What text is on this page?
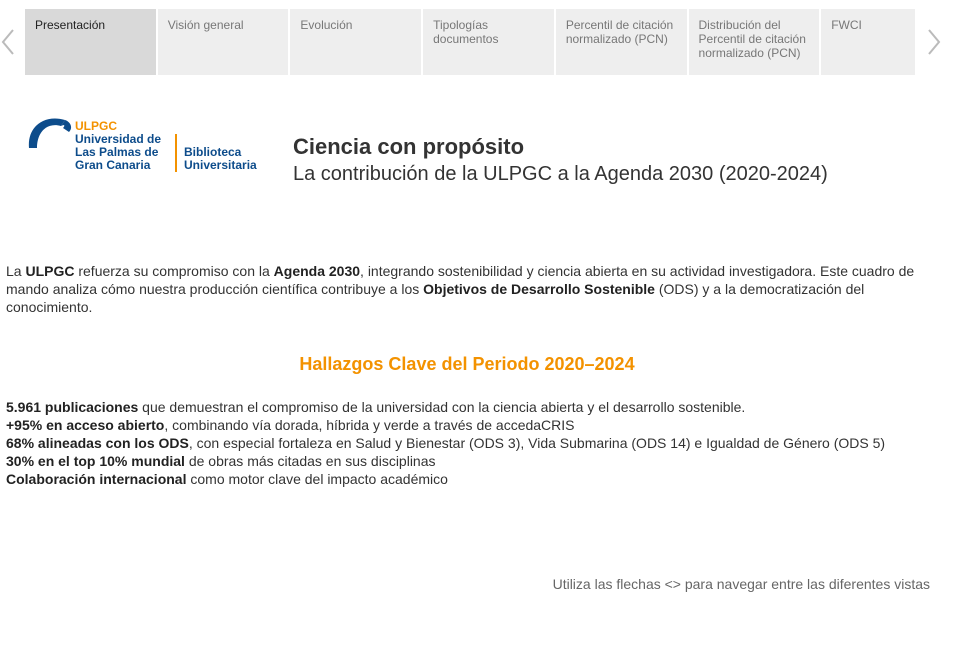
Presentación	Visión general	Evolución	Tipologías documentos
Percentil de citación normalizado (PCN)
Distribución del Percentil de citación normalizado (PCN)
FWCI
ULPGC
Universidad de
Las Palmas de
Gran Canaria
Biblioteca
Universitaria
Ciencia con propósito
La contribución de la ULPGC a la Agenda 2030 (2020-2024)
La ULPGC refuerza su compromiso con la Agenda 2030, integrando sostenibilidad y ciencia abierta en su actividad investigadora. Este cuadro de mando analiza cómo nuestra producción científica contribuye a los Objetivos de Desarrollo Sostenible (ODS) y a la democratización del conocimiento.
Hallazgos Clave del Periodo 2020–2024

5.961 publicaciones que demuestran el compromiso de la universidad con la ciencia abierta y el desarrollo sostenible.

+95% en acceso abierto, combinando vía dorada, híbrida y verde a través de accedaCRIS

68% alineadas con los ODS, con especial fortaleza en Salud y Bienestar (ODS 3), Vida Submarina (ODS 14) e Igualdad de Género (ODS 5)

30% en el top 10% mundial de obras más citadas en sus disciplinas

Colaboración internacional como motor clave del impacto académico

Utiliza las flechas <> para navegar entre las diferentes vistas
